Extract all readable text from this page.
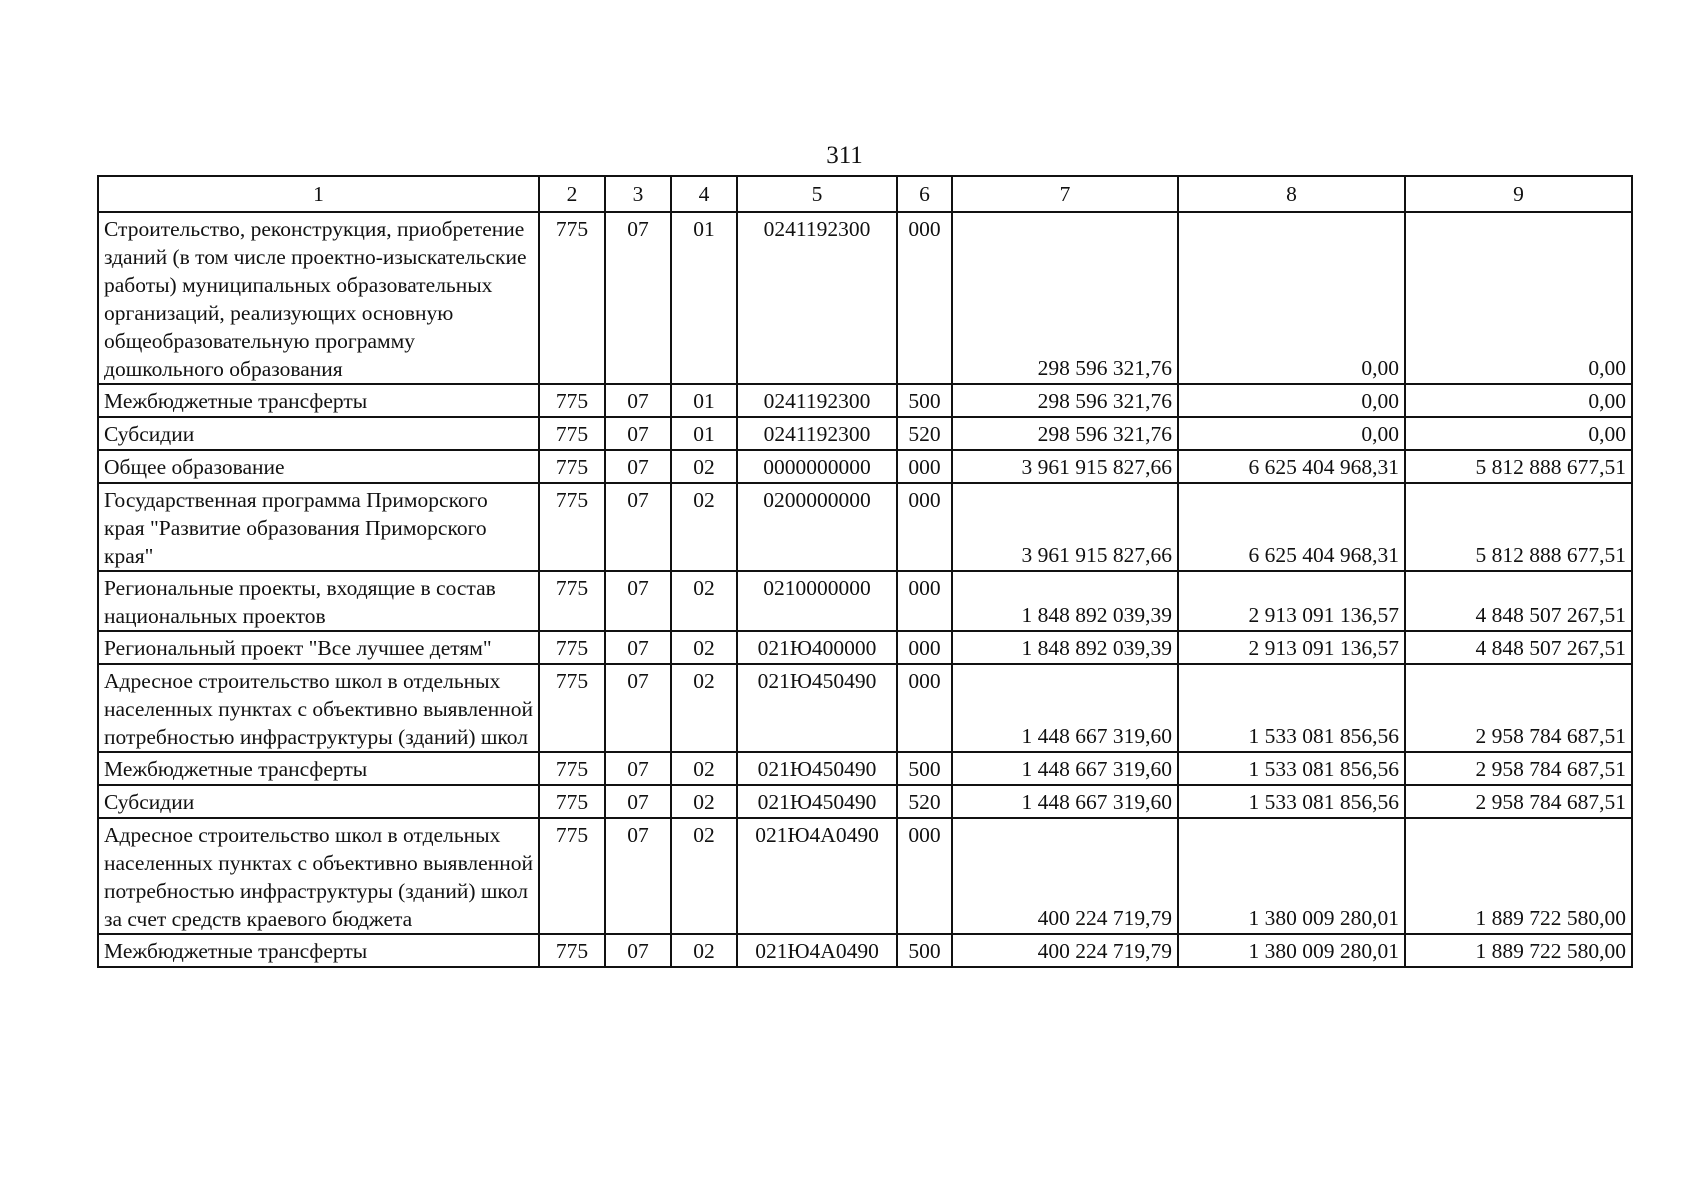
311
1	2	3	4	5	6	7	8	9
Строительство, реконструкция, приобретение зданий (в том числе проектно-изыскательские работы) муниципальных образовательных организаций, реализующих основную общеобразовательную программу дошкольного образования	775	07	01	0241192300	000	298 596 321,76	0,00	0,00
Межбюджетные трансферты	775	07	01	0241192300	500	298 596 321,76	0,00	0,00
Субсидии	775	07	01	0241192300	520	298 596 321,76	0,00	0,00
Общее образование	775	07	02	0000000000	000	3 961 915 827,66	6 625 404 968,31	5 812 888 677,51
Государственная программа Приморского края "Развитие образования Приморского края"	775	07	02	0200000000	000	3 961 915 827,66	6 625 404 968,31	5 812 888 677,51
Региональные проекты, входящие в состав национальных проектов	775	07	02	0210000000	000	1 848 892 039,39	2 913 091 136,57	4 848 507 267,51
Региональный проект "Все лучшее детям"	775	07	02	021Ю400000	000	1 848 892 039,39	2 913 091 136,57	4 848 507 267,51
Адресное строительство школ в отдельных населенных пунктах с объективно выявленной потребностью инфраструктуры (зданий) школ	775	07	02	021Ю450490	000	1 448 667 319,60	1 533 081 856,56	2 958 784 687,51
Межбюджетные трансферты	775	07	02	021Ю450490	500	1 448 667 319,60	1 533 081 856,56	2 958 784 687,51
Субсидии	775	07	02	021Ю450490	520	1 448 667 319,60	1 533 081 856,56	2 958 784 687,51
Адресное строительство школ в отдельных населенных пунктах с объективно выявленной потребностью инфраструктуры (зданий) школ за счет средств краевого бюджета	775	07	02	021Ю4А0490	000	400 224 719,79	1 380 009 280,01	1 889 722 580,00
Межбюджетные трансферты	775	07	02	021Ю4А0490	500	400 224 719,79	1 380 009 280,01	1 889 722 580,00
